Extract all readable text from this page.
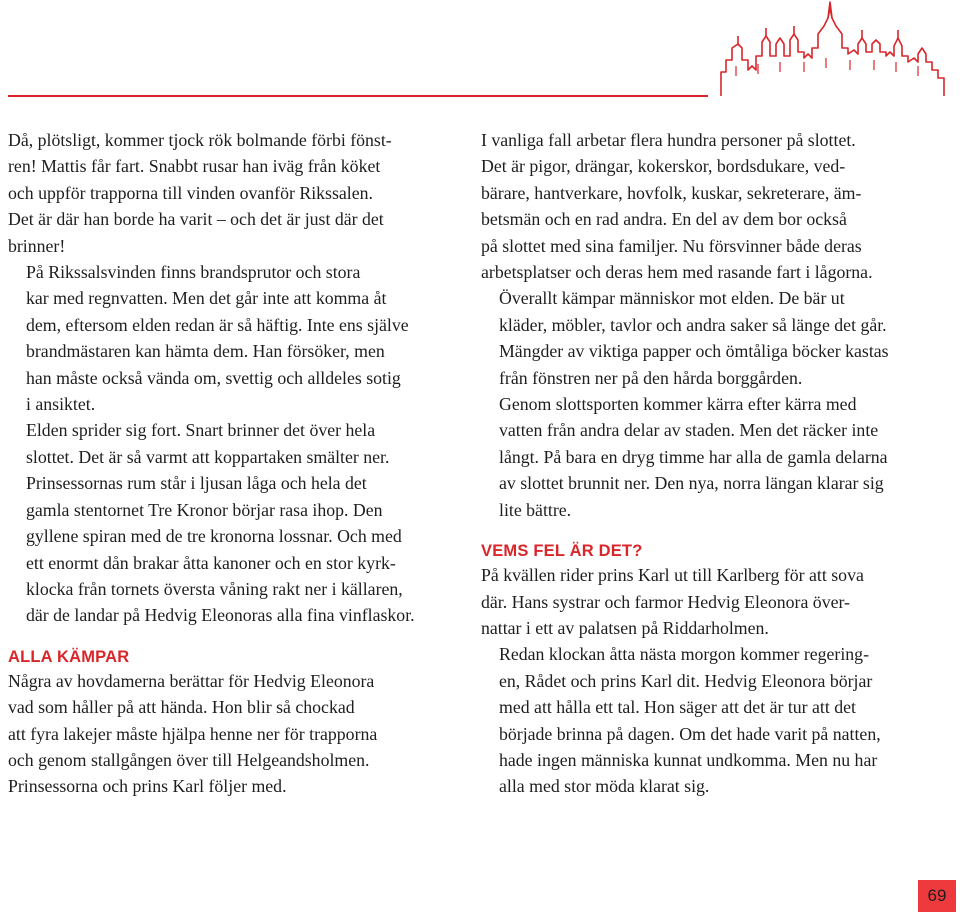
Då, plötsligt, kommer tjock rök bolmande förbi fönst-
ren! Mattis får fart. Snabbt rusar han iväg från köket
och uppför trapporna till vinden ovanför Rikssalen.
Det är där han borde ha varit – och det är just där det
brinner!

På Rikssalsvinden finns brandsprutor och stora
kar med regnvatten. Men det går inte att komma åt
dem, eftersom elden redan är så häftig. Inte ens själve
brandmästaren kan hämta dem. Han försöker, men
han måste också vända om, svettig och alldeles sotig
i ansiktet.

Elden sprider sig fort. Snart brinner det över hela
slottet. Det är så varmt att koppartaken smälter ner.
Prinsessornas rum står i ljusan låga och hela det
gamla stentornet Tre Kronor börjar rasa ihop. Den
gyllene spiran med de tre kronorna lossnar. Och med
ett enormt dån brakar åtta kanoner och en stor kyrk-
klocka från tornets översta våning rakt ner i källaren,
där de landar på Hedvig Eleonoras alla fina vinflaskor.

ALLA KÄMPAR

Några av hovdamerna berättar för Hedvig Eleonora
vad som håller på att hända. Hon blir så chockad
att fyra lakejer måste hjälpa henne ner för trapporna
och genom stallgången över till Helgeandsholmen.
Prinsessorna och prins Karl följer med.

I vanliga fall arbetar flera hundra personer på slottet.
Det är pigor, drängar, kokerskor, bordsdukare, ved-
bärare, hantverkare, hovfolk, kuskar, sekreterare, äm-
betsmän och en rad andra. En del av dem bor också
på slottet med sina familjer. Nu försvinner både deras
arbetsplatser och deras hem med rasande fart i lågorna.

Överallt kämpar människor mot elden. De bär ut
kläder, möbler, tavlor och andra saker så länge det går.
Mängder av viktiga papper och ömtåliga böcker kastas
från fönstren ner på den hårda borggården.

Genom slottsporten kommer kärra efter kärra med
vatten från andra delar av staden. Men det räcker inte
långt. På bara en dryg timme har alla de gamla delarna
av slottet brunnit ner. Den nya, norra längan klarar sig
lite bättre.

VEMS FEL ÄR DET?

På kvällen rider prins Karl ut till Karlberg för att sova
där. Hans systrar och farmor Hedvig Eleonora över-
nattar i ett av palatsen på Riddarholmen.

Redan klockan åtta nästa morgon kommer regering-
en, Rådet och prins Karl dit. Hedvig Eleonora börjar
med att hålla ett tal. Hon säger att det är tur att det
började brinna på dagen. Om det hade varit på natten,
hade ingen människa kunnat undkomma. Men nu har
alla med stor möda klarat sig.

69
